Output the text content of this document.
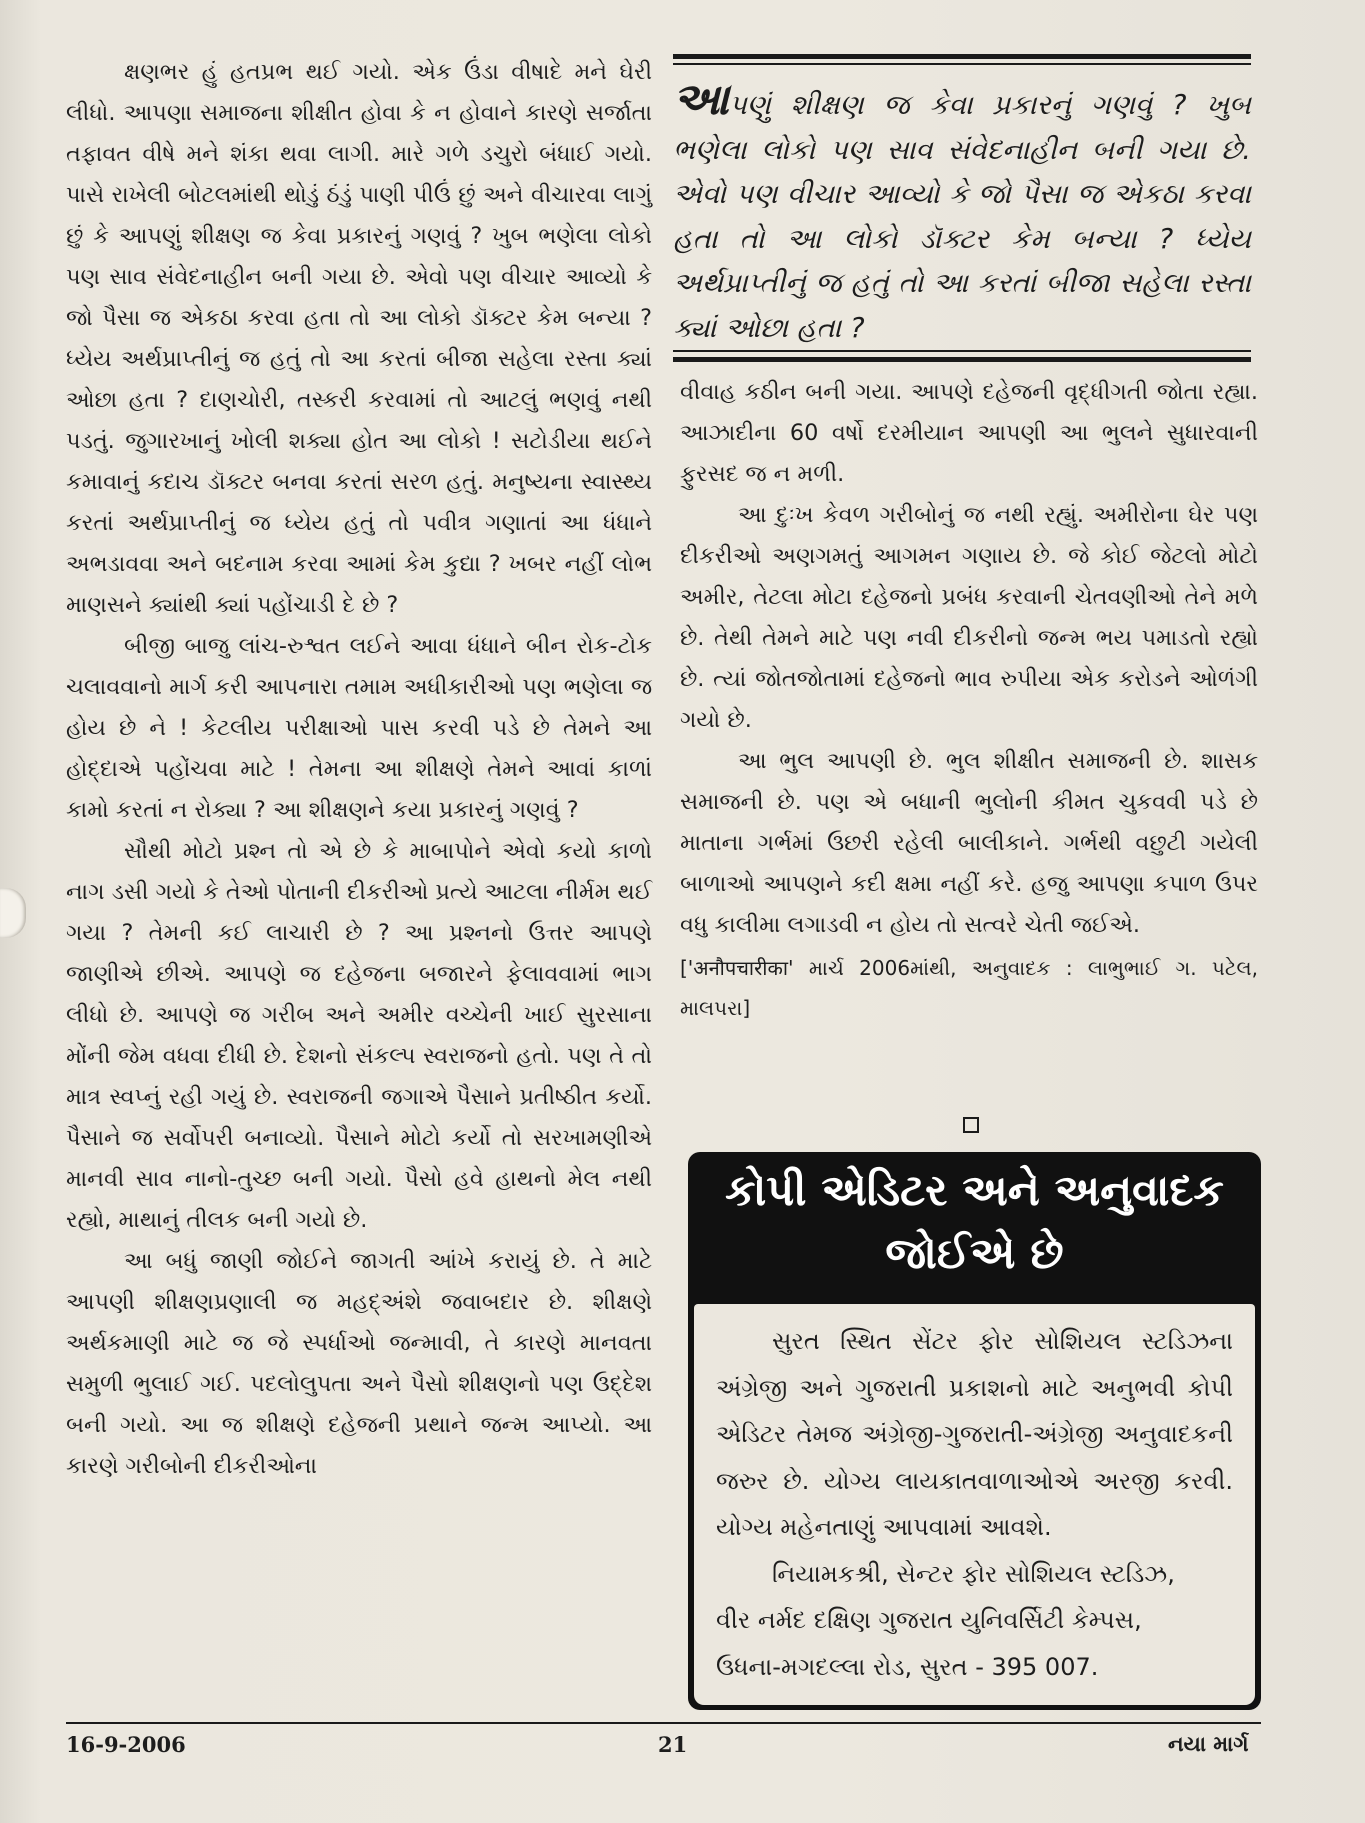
ક્ષણભર હું હતપ્રભ થઈ ગયો. એક ઉંડા વીષાદે મને ઘેરી લીધો. આપણા સમાજના શીક્ષીત હોવા કે ન હોવાને કારણે સર્જાતા તફાવત વીષે મને શંકા થવા લાગી. મારે ગળે ડચુરો બંધાઈ ગયો. પાસે રાખેલી બોટલમાંથી થોડું ઠંડું પાણી પીઉં છું અને વીચારવા લાગું છું કે આપણું શીક્ષણ જ કેવા પ્રકારનું ગણવું ? ખુબ ભણેલા લોકો પણ સાવ સંવેદનાહીન બની ગયા છે. એવો પણ વીચાર આવ્યો કે જો પૈસા જ એકઠા કરવા હતા તો આ લોકો ડૉક્ટર કેમ બન્યા ? ધ્યેય અર્થપ્રાપ્તીનું જ હતું તો આ કરતાં બીજા સહેલા રસ્તા ક્યાં ઓછા હતા ? દાણચોરી, તસ્કરી કરવામાં તો આટલું ભણવું નથી પડતું. જુગારખાનું ખોલી શક્યા હોત આ લોકો ! સટોડીયા થઈને કમાવાનું કદાચ ડૉક્ટર બનવા કરતાં સરળ હતું. મનુષ્યના સ્વાસ્થ્ય કરતાં અર્થપ્રાપ્તીનું જ ધ્યેય હતું તો પવીત્ર ગણાતાં આ ધંધાને અભડાવવા અને બદનામ કરવા આમાં કેમ કુદ્યા ? ખબર નહીં લોભ માણસને ક્યાંથી ક્યાં પહોંચાડી દે છે ?

બીજી બાજુ લાંચ-રુશ્વત લઈને આવા ધંધાને બીન રોક-ટોક ચલાવવાનો માર્ગ કરી આપનારા તમામ અધીકારીઓ પણ ભણેલા જ હોય છે ને ! કેટલીય પરીક્ષાઓ પાસ કરવી પડે છે તેમને આ હોદ્દાએ પહોંચવા માટે ! તેમના આ શીક્ષણે તેમને આવાં કાળાં કામો કરતાં ન રોક્યા ? આ શીક્ષણને કયા પ્રકારનું ગણવું ?

સૌથી મોટો પ્રશ્ન તો એ છે કે માબાપોને એવો કયો કાળો નાગ ડસી ગયો કે તેઓ પોતાની દીકરીઓ પ્રત્યે આટલા નીર્મમ થઈ ગયા ? તેમની કઈ લાચારી છે ? આ પ્રશ્નનો ઉત્તર આપણે જાણીએ છીએ. આપણે જ દહેજના બજારને ફેલાવવામાં ભાગ લીધો છે. આપણે જ ગરીબ અને અમીર વચ્ચેની ખાઈ સુરસાના મોંની જેમ વધવા દીધી છે. દેશનો સંકલ્પ સ્વરાજનો હતો. પણ તે તો માત્ર સ્વપ્નું રહી ગયું છે. સ્વરાજની જગાએ પૈસાને પ્રતીષ્ઠીત કર્યો. પૈસાને જ સર્વોપરી બનાવ્યો. પૈસાને મોટો કર્યો તો સરખામણીએ માનવી સાવ નાનો-તુચ્છ બની ગયો. પૈસો હવે હાથનો મેલ નથી રહ્યો, માથાનું તીલક બની ગયો છે.

આ બધું જાણી જોઈને જાગતી આંખે કરાયું છે. તે માટે આપણી શીક્ષણપ્રણાલી જ મહદ્અંશે જવાબદાર છે. શીક્ષણે અર્થકમાણી માટે જ જે સ્પર્ધાઓ જન્માવી, તે કારણે માનવતા સમુળી ભુલાઈ ગઈ. પદલોલુપતા અને પૈસો શીક્ષણનો પણ ઉદ્દેશ બની ગયો. આ જ શીક્ષણે દહેજની પ્રથાને જન્મ આપ્યો. આ કારણે ગરીબોની દીકરીઓના

આપણું શીક્ષણ જ કેવા પ્રકારનું ગણવું ? ખુબ ભણેલા લોકો પણ સાવ સંવેદનાહીન બની ગયા છે. એવો પણ વીચાર આવ્યો કે જો પૈસા જ એકઠા કરવા હતા તો આ લોકો ડૉક્ટર કેમ બન્યા ? ધ્યેય અર્થપ્રાપ્તીનું જ હતું તો આ કરતાં બીજા સહેલા રસ્તા ક્યાં ઓછા હતા ?

વીવાહ કઠીન બની ગયા. આપણે દહેજની વૃદ્ધીગતી જોતા રહ્યા. આઝાદીના 60 વર્ષો દરમીયાન આપણી આ ભુલને સુધારવાની ફુરસદ જ ન મળી.

આ દુઃખ કેવળ ગરીબોનું જ નથી રહ્યું. અમીરોના ઘેર પણ દીકરીઓ અણગમતું આગમન ગણાય છે. જે કોઈ જેટલો મોટો અમીર, તેટલા મોટા દહેજનો પ્રબંધ કરવાની ચેતવણીઓ તેને મળે છે. તેથી તેમને માટે પણ નવી દીકરીનો જન્મ ભય પમાડતો રહ્યો છે. ત્યાં જોતજોતામાં દહેજનો ભાવ રુપીયા એક કરોડને ઓળંગી ગયો છે.

આ ભુલ આપણી છે. ભુલ શીક્ષીત સમાજની છે. શાસક સમાજની છે. પણ એ બધાની ભુલોની કીમત ચુકવવી પડે છે માતાના ગર્ભમાં ઉછરી રહેલી બાલીકાને. ગર્ભથી વછુટી ગયેલી બાળાઓ આપણને કદી ક્ષમા નહીં કરે. હજુ આપણા કપાળ ઉપર વધુ કાલીમા લગાડવી ન હોય તો સત્વરે ચેતી જઈએ.

['अनौपचारीका' માર્ચ 2006માંથી, અનુવાદક : લાભુભાઈ ગ. પટેલ, માલપરા]

કોપી એડિટર અને અનુવાદક
જોઈએ છે

સુરત સ્થિત સેંટર ફોર સોશિયલ સ્ટડિઝના અંગ્રેજી અને ગુજરાતી પ્રકાશનો માટે અનુભવી કોપી એડિટર તેમજ અંગ્રેજી-ગુજરાતી-અંગ્રેજી અનુવાદકની જરુર છે. યોગ્ય લાયકાતવાળાઓએ અરજી કરવી. યોગ્ય મહેનતાણું આપવામાં આવશે.

નિયામકશ્રી, સેન્ટર ફોર સોશિયલ સ્ટડિઝ,
વીર નર્મદ દક્ષિણ ગુજરાત યુનિવર્સિટી કેમ્પસ,
ઉધના-મગદલ્લા રોડ, સુરત - 395 007.

16-9-2006	21	નયા માર્ગ
